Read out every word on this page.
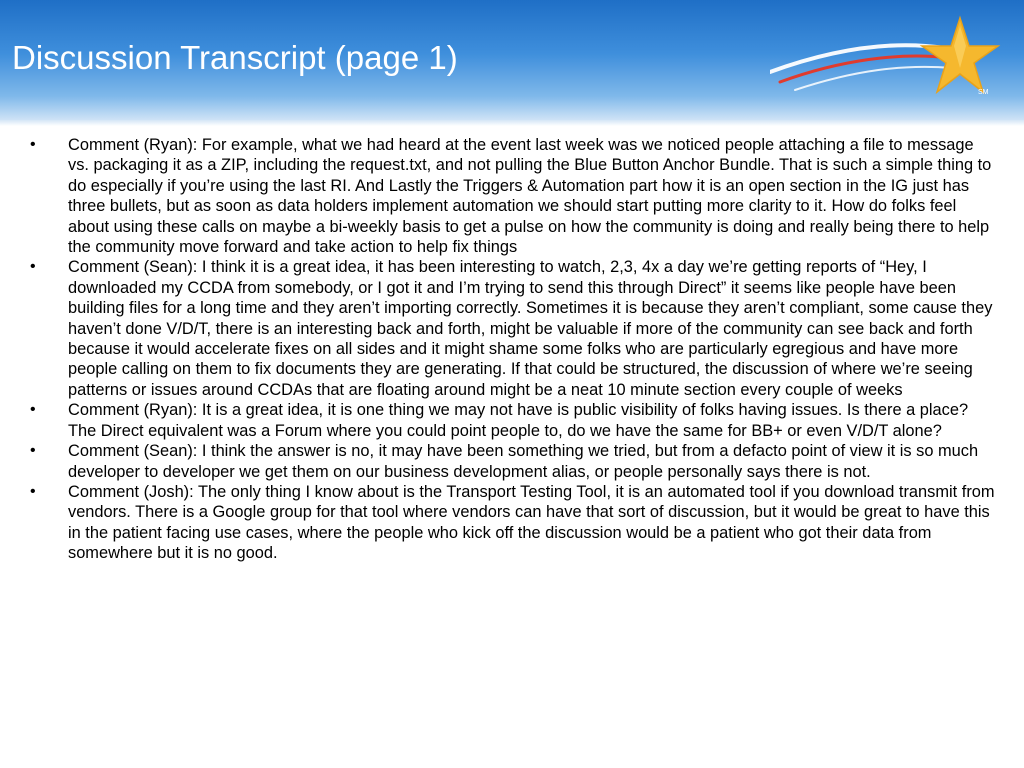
Discussion Transcript (page 1)
SM
• Comment (Ryan): For example, what we had heard at the event last week was we noticed people attaching a file to message vs. packaging it as a ZIP, including the request.txt, and not pulling the Blue Button Anchor Bundle. That is such a simple thing to do especially if you’re using the last RI. And Lastly the Triggers & Automation part how it is an open section in the IG just has three bullets, but as soon as data holders implement automation we should start putting more clarity to it. How do folks feel about using these calls on maybe a bi-weekly basis to get a pulse on how the community is doing and really being there to help the community move forward and take action to help fix things
• Comment (Sean): I think it is a great idea, it has been interesting to watch, 2,3, 4x a day we’re getting reports of “Hey, I downloaded my CCDA from somebody, or I got it and I’m trying to send this through Direct” it seems like people have been building files for a long time and they aren’t importing correctly. Sometimes it is because they aren’t compliant, some cause they haven’t done V/D/T, there is an interesting back and forth, might be valuable if more of the community can see back and forth because it would accelerate fixes on all sides and it might shame some folks who are particularly egregious and have more people calling on them to fix documents they are generating. If that could be structured, the discussion of where we’re seeing patterns or issues around CCDAs that are floating around might be a neat 10 minute section every couple of weeks
• Comment (Ryan): It is a great idea, it is one thing we may not have is public visibility of folks having issues. Is there a place? The Direct equivalent was a Forum where you could point people to, do we have the same for BB+ or even V/D/T alone?
• Comment (Sean): I think the answer is no, it may have been something we tried, but from a defacto point of view it is so much developer to developer we get them on our business development alias, or people personally says there is not.
• Comment (Josh): The only thing I know about is the Transport Testing Tool, it is an automated tool if you download transmit from vendors. There is a Google group for that tool where vendors can have that sort of discussion, but it would be great to have this in the patient facing use cases, where the people who kick off the discussion would be a patient who got their data from somewhere but it is no good.
